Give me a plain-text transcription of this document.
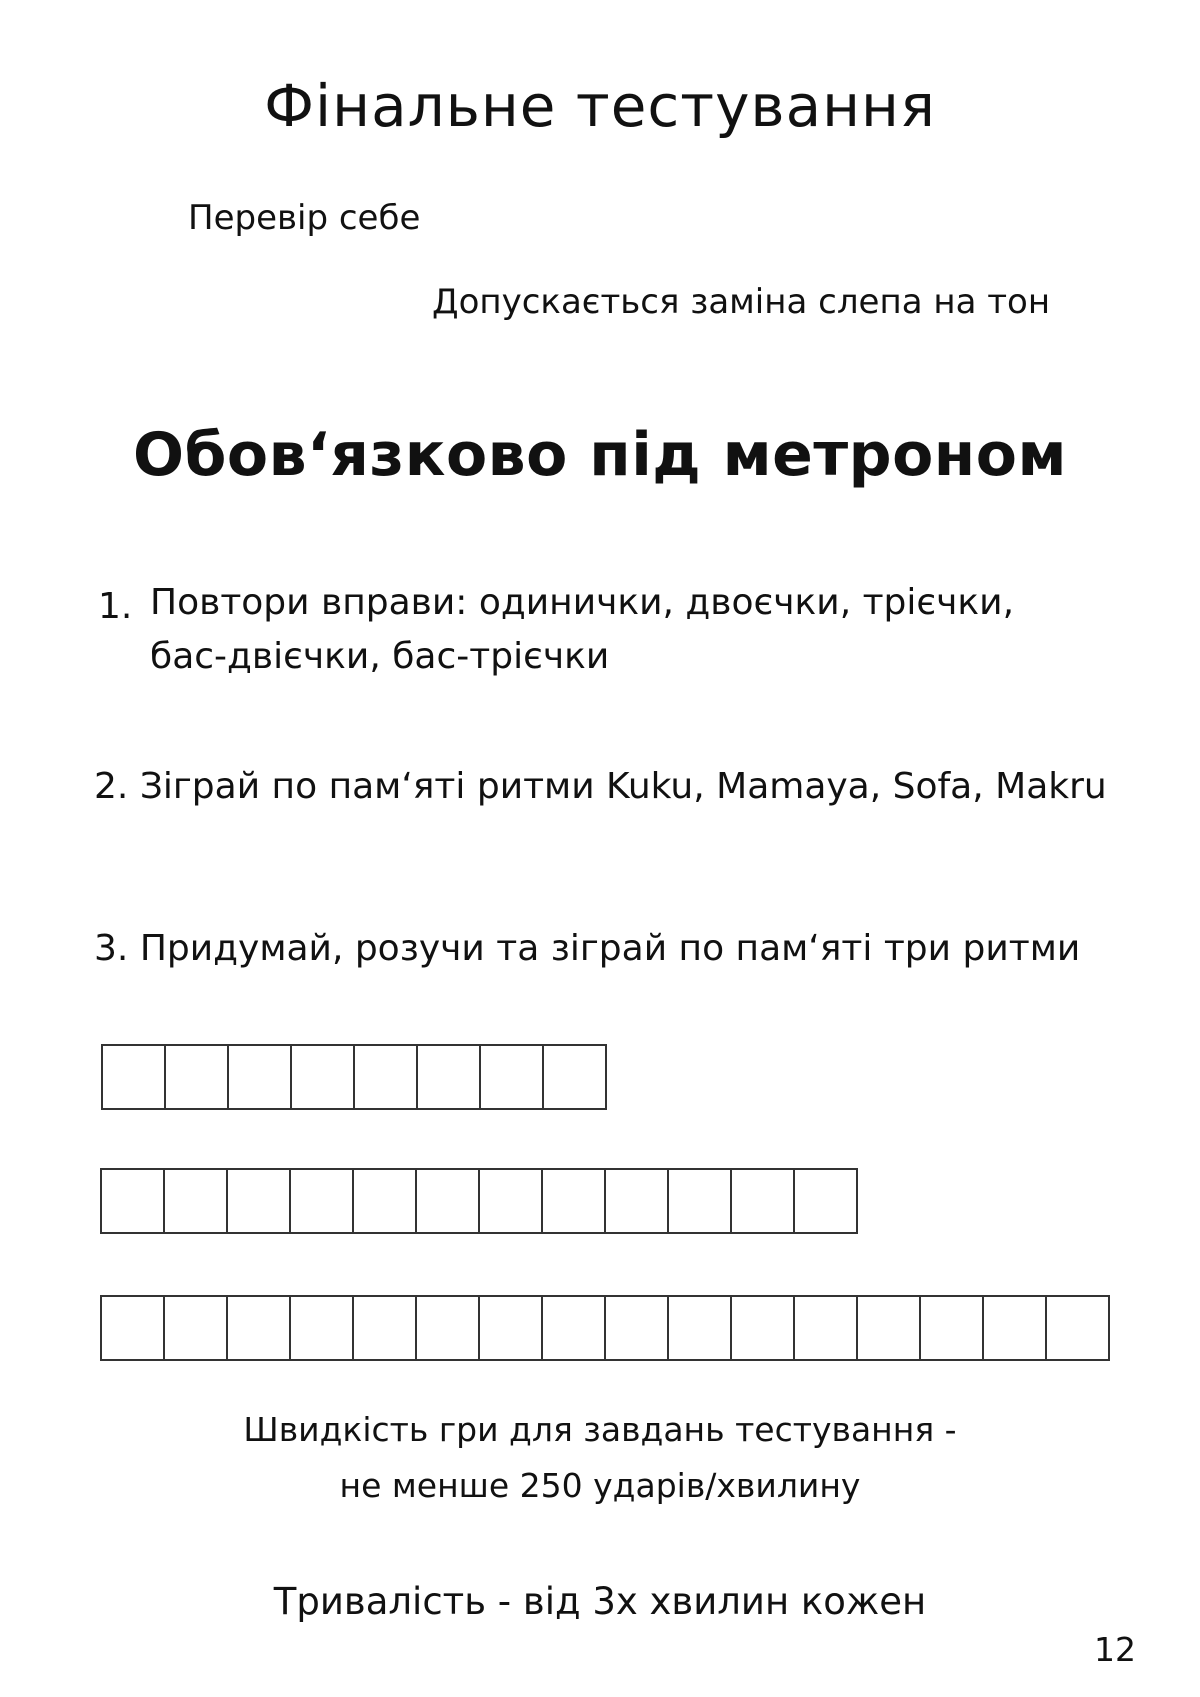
Фінальне тестування
Перевір себе
Допускається заміна слепа на тон
Обов‘язково під метроном
1. Повтори вправи: одинички, двоєчки, трієчки,
бас-двієчки, бас-трієчки
2. Зіграй по пам‘яті ритми Kuku, Mamaya, Sofa, Makru
3. Придумай, розучи та зіграй по пам‘яті три ритми
Швидкість гри для завдань тестування -
не менше 250 ударів/хвилину
Тривалість - від 3х хвилин кожен
12
